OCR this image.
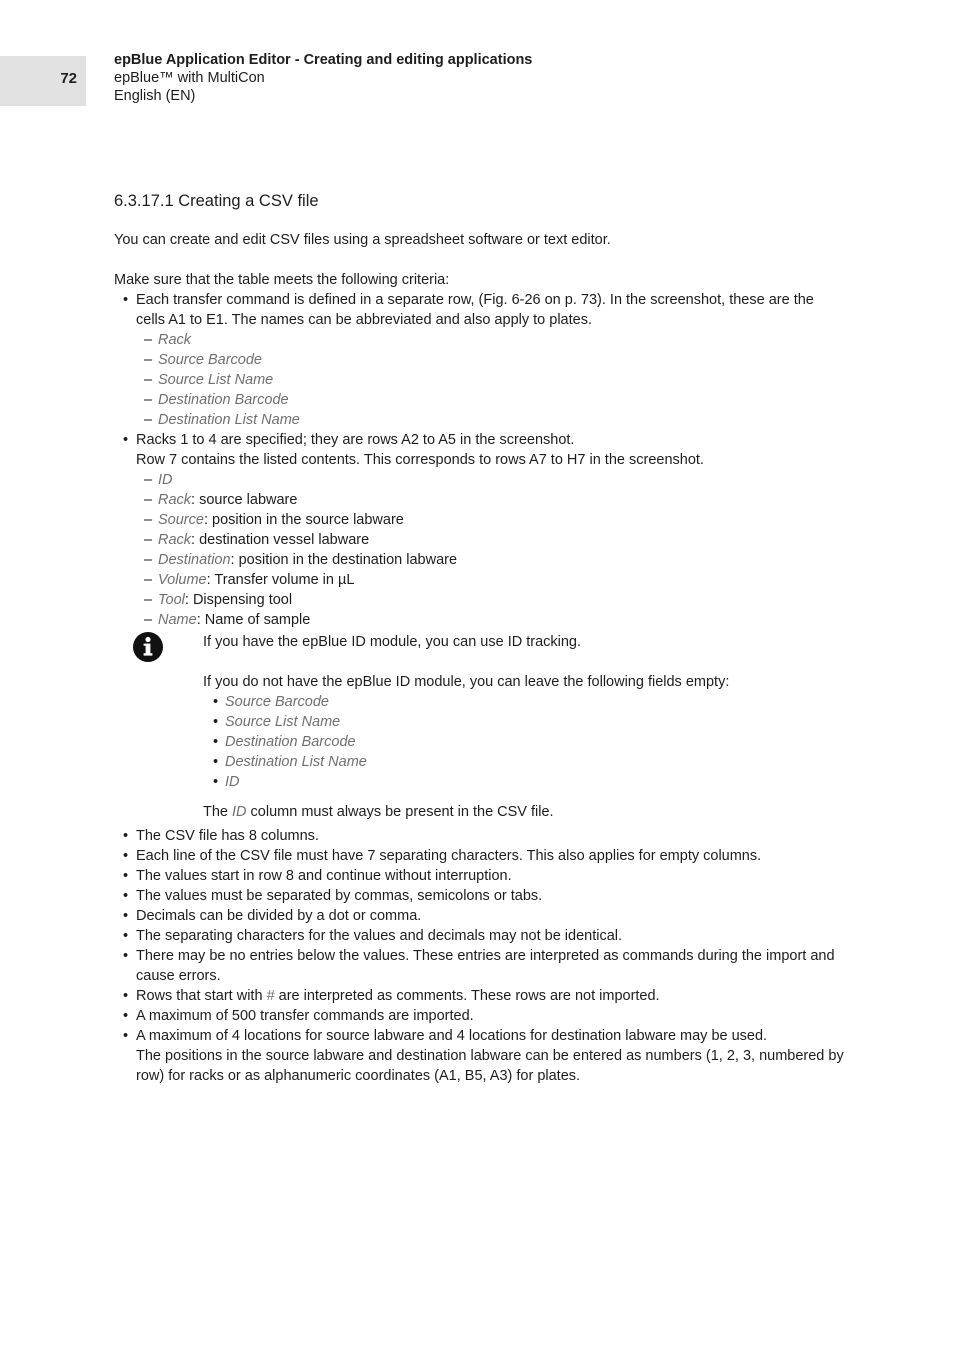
72
epBlue Application Editor - Creating and editing applications
epBlue™ with MultiCon
English (EN)
6.3.17.1 Creating a CSV file

You can create and edit CSV files using a spreadsheet software or text editor.

Make sure that the table meets the following criteria:

• Each transfer command is defined in a separate row, (Fig. 6-26 on p. 73). In the screenshot, these are the cells A1 to E1. The names can be abbreviated and also apply to plates.
– Rack
– Source Barcode
– Source List Name
– Destination Barcode
– Destination List Name
• Racks 1 to 4 are specified; they are rows A2 to A5 in the screenshot.
Row 7 contains the listed contents. This corresponds to rows A7 to H7 in the screenshot.
– ID
– Rack: source labware
– Source: position in the source labware
– Rack: destination vessel labware
– Destination: position in the destination labware
– Volume: Transfer volume in µL
– Tool: Dispensing tool
– Name: Name of sample

If you have the epBlue ID module, you can use ID tracking.

If you do not have the epBlue ID module, you can leave the following fields empty:

• Source Barcode
• Source List Name
• Destination Barcode
• Destination List Name
• ID

The ID column must always be present in the CSV file.

• The CSV file has 8 columns.
• Each line of the CSV file must have 7 separating characters. This also applies for empty columns.
• The values start in row 8 and continue without interruption.
• The values must be separated by commas, semicolons or tabs.
• Decimals can be divided by a dot or comma.
• The separating characters for the values and decimals may not be identical.
• There may be no entries below the values. These entries are interpreted as commands during the import and cause errors.
• Rows that start with # are interpreted as comments. These rows are not imported.
• A maximum of 500 transfer commands are imported.
• A maximum of 4 locations for source labware and 4 locations for destination labware may be used.
The positions in the source labware and destination labware can be entered as numbers (1, 2, 3, numbered by row) for racks or as alphanumeric coordinates (A1, B5, A3) for plates.
